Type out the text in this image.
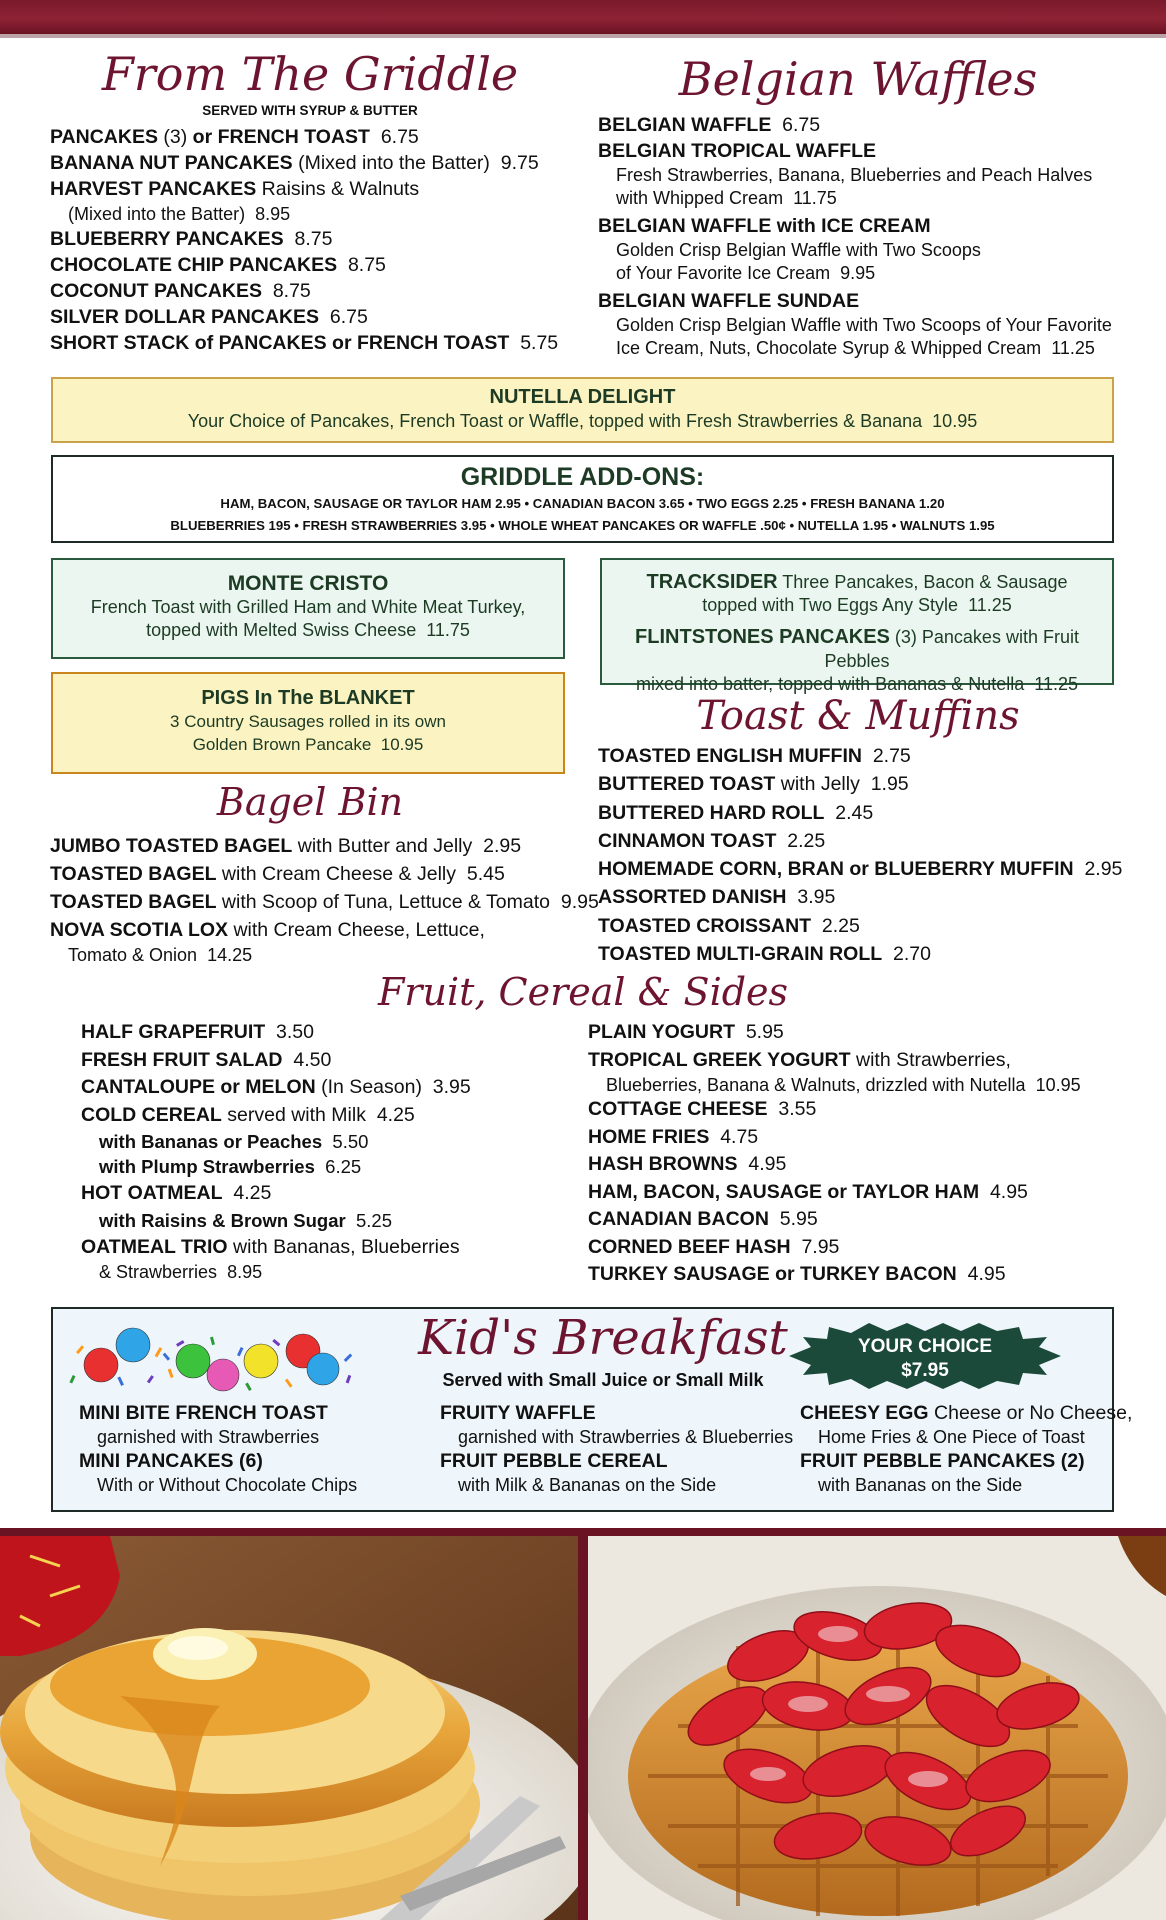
From The Griddle
SERVED WITH SYRUP & BUTTER
PANCAKES (3) or FRENCH TOAST 6.75
BANANA NUT PANCAKES (Mixed into the Batter) 9.75
HARVEST PANCAKES Raisins & Walnuts
(Mixed into the Batter) 8.95
BLUEBERRY PANCAKES 8.75
CHOCOLATE CHIP PANCAKES 8.75
COCONUT PANCAKES 8.75
SILVER DOLLAR PANCAKES 6.75
SHORT STACK of PANCAKES or FRENCH TOAST 5.75
Belgian Waffles
BELGIAN WAFFLE 6.75
BELGIAN TROPICAL WAFFLE
Fresh Strawberries, Banana, Blueberries and Peach Halves
with Whipped Cream 11.75
BELGIAN WAFFLE with ICE CREAM
Golden Crisp Belgian Waffle with Two Scoops
of Your Favorite Ice Cream 9.95
BELGIAN WAFFLE SUNDAE
Golden Crisp Belgian Waffle with Two Scoops of Your Favorite
Ice Cream, Nuts, Chocolate Syrup & Whipped Cream 11.25
NUTELLA DELIGHT
Your Choice of Pancakes, French Toast or Waffle, topped with Fresh Strawberries & Banana 10.95
GRIDDLE ADD-ONS:
HAM, BACON, SAUSAGE OR TAYLOR HAM 2.95 • CANADIAN BACON 3.65 • TWO EGGS 2.25 • FRESH BANANA 1.20
BLUEBERRIES 195 • FRESH STRAWBERRIES 3.95 • WHOLE WHEAT PANCAKES OR WAFFLE .50¢ • NUTELLA 1.95 • WALNUTS 1.95
MONTE CRISTO
French Toast with Grilled Ham and White Meat Turkey,
topped with Melted Swiss Cheese 11.75
PIGS In The BLANKET
3 Country Sausages rolled in its own
Golden Brown Pancake 10.95
TRACKSIDER Three Pancakes, Bacon & Sausage
topped with Two Eggs Any Style 11.25
FLINTSTONES PANCAKES (3) Pancakes with Fruit Pebbles
mixed into batter, topped with Bananas & Nutella 11.25
Bagel Bin
JUMBO TOASTED BAGEL with Butter and Jelly 2.95
TOASTED BAGEL with Cream Cheese & Jelly 5.45
TOASTED BAGEL with Scoop of Tuna, Lettuce & Tomato 9.95
NOVA SCOTIA LOX with Cream Cheese, Lettuce,
Tomato & Onion 14.25
Toast & Muffins
TOASTED ENGLISH MUFFIN 2.75
BUTTERED TOAST with Jelly 1.95
BUTTERED HARD ROLL 2.45
CINNAMON TOAST 2.25
HOMEMADE CORN, BRAN or BLUEBERRY MUFFIN 2.95
ASSORTED DANISH 3.95
TOASTED CROISSANT 2.25
TOASTED MULTI-GRAIN ROLL 2.70
Fruit, Cereal & Sides
HALF GRAPEFRUIT 3.50
FRESH FRUIT SALAD 4.50
CANTALOUPE or MELON (In Season) 3.95
COLD CEREAL served with Milk 4.25
with Bananas or Peaches 5.50
with Plump Strawberries 6.25
HOT OATMEAL 4.25
with Raisins & Brown Sugar 5.25
OATMEAL TRIO with Bananas, Blueberries
& Strawberries 8.95
PLAIN YOGURT 5.95
TROPICAL GREEK YOGURT with Strawberries,
Blueberries, Banana & Walnuts, drizzled with Nutella 10.95
COTTAGE CHEESE 3.55
HOME FRIES 4.75
HASH BROWNS 4.95
HAM, BACON, SAUSAGE or TAYLOR HAM 4.95
CANADIAN BACON 5.95
CORNED BEEF HASH 7.95
TURKEY SAUSAGE or TURKEY BACON 4.95
Kid's Breakfast
Served with Small Juice or Small Milk
YOUR CHOICE
$7.95
MINI BITE FRENCH TOAST
garnished with Strawberries
MINI PANCAKES (6)
With or Without Chocolate Chips
FRUITY WAFFLE
garnished with Strawberries & Blueberries
FRUIT PEBBLE CEREAL
with Milk & Bananas on the Side
CHEESY EGG Cheese or No Cheese,
Home Fries & One Piece of Toast
FRUIT PEBBLE PANCAKES (2)
with Bananas on the Side
